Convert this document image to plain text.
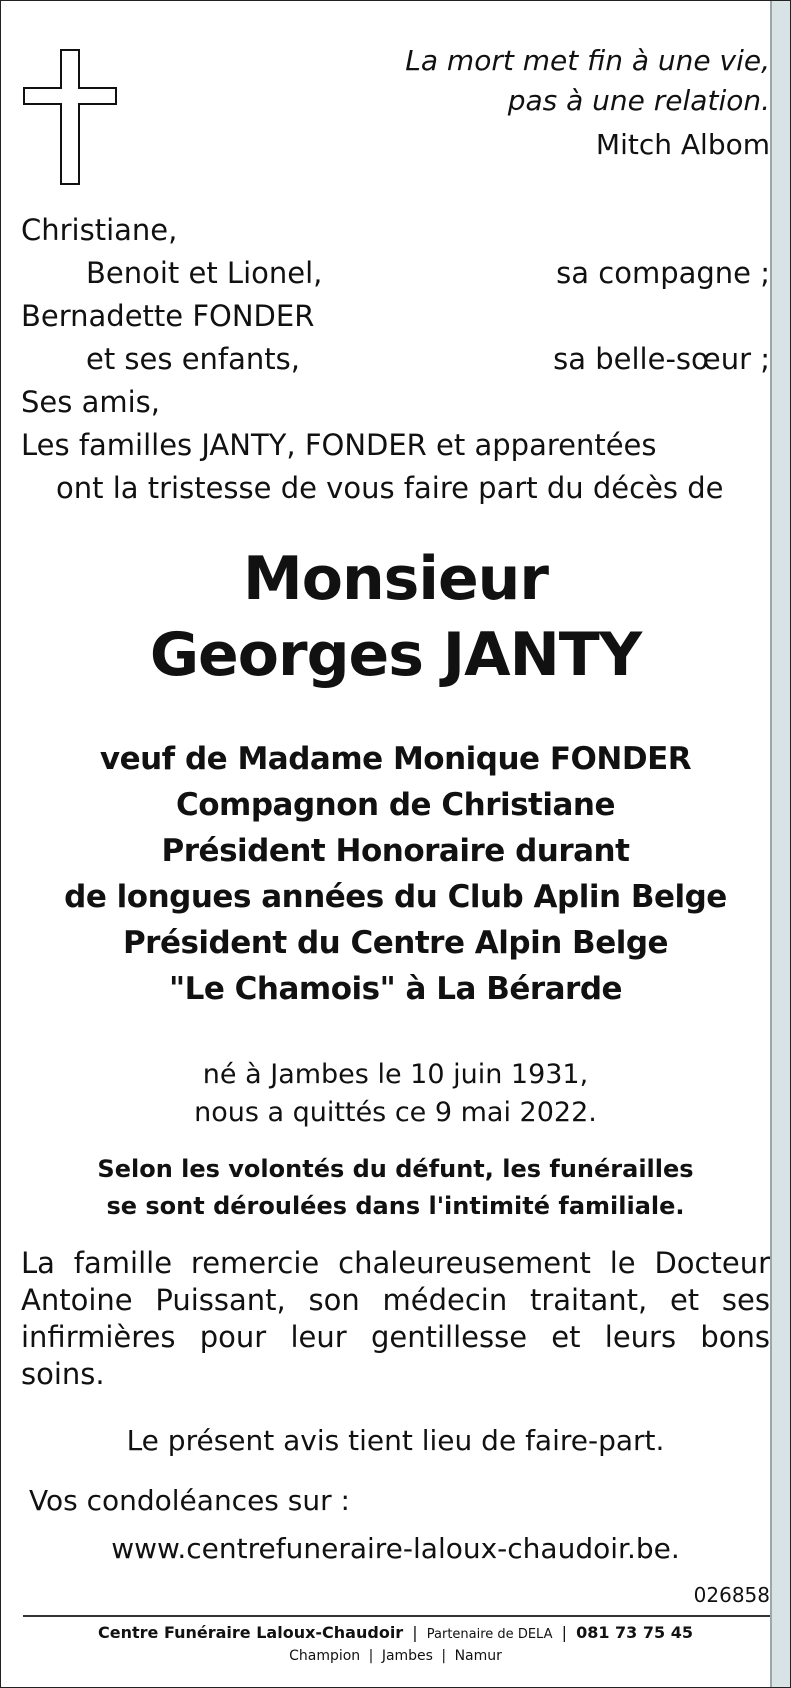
La mort met fin à une vie,
pas à une relation.
Mitch Albom
Christiane,
Benoit et Lionel,	sa compagne ;
Bernadette FONDER
et ses enfants,	sa belle-sœur ;
Ses amis,
Les familles JANTY, FONDER et apparentées
ont la tristesse de vous faire part du décès de
Monsieur
Georges JANTY
veuf de Madame Monique FONDER
Compagnon de Christiane
Président Honoraire durant
de longues années du Club Aplin Belge
Président du Centre Alpin Belge
"Le Chamois" à La Bérarde
né à Jambes le 10 juin 1931,
nous a quittés ce 9 mai 2022.
Selon les volontés du défunt, les funérailles
se sont déroulées dans l'intimité familiale.
La famille remercie chaleureusement le Docteur Antoine Puissant, son médecin traitant, et ses infirmières pour leur gentillesse et leurs bons soins.
Le présent avis tient lieu de faire-part.
Vos condoléances sur :
www.centrefuneraire-laloux-chaudoir.be.
026858
Centre Funéraire Laloux-Chaudoir | Partenaire de DELA | 081 73 75 45
Champion | Jambes | Namur
